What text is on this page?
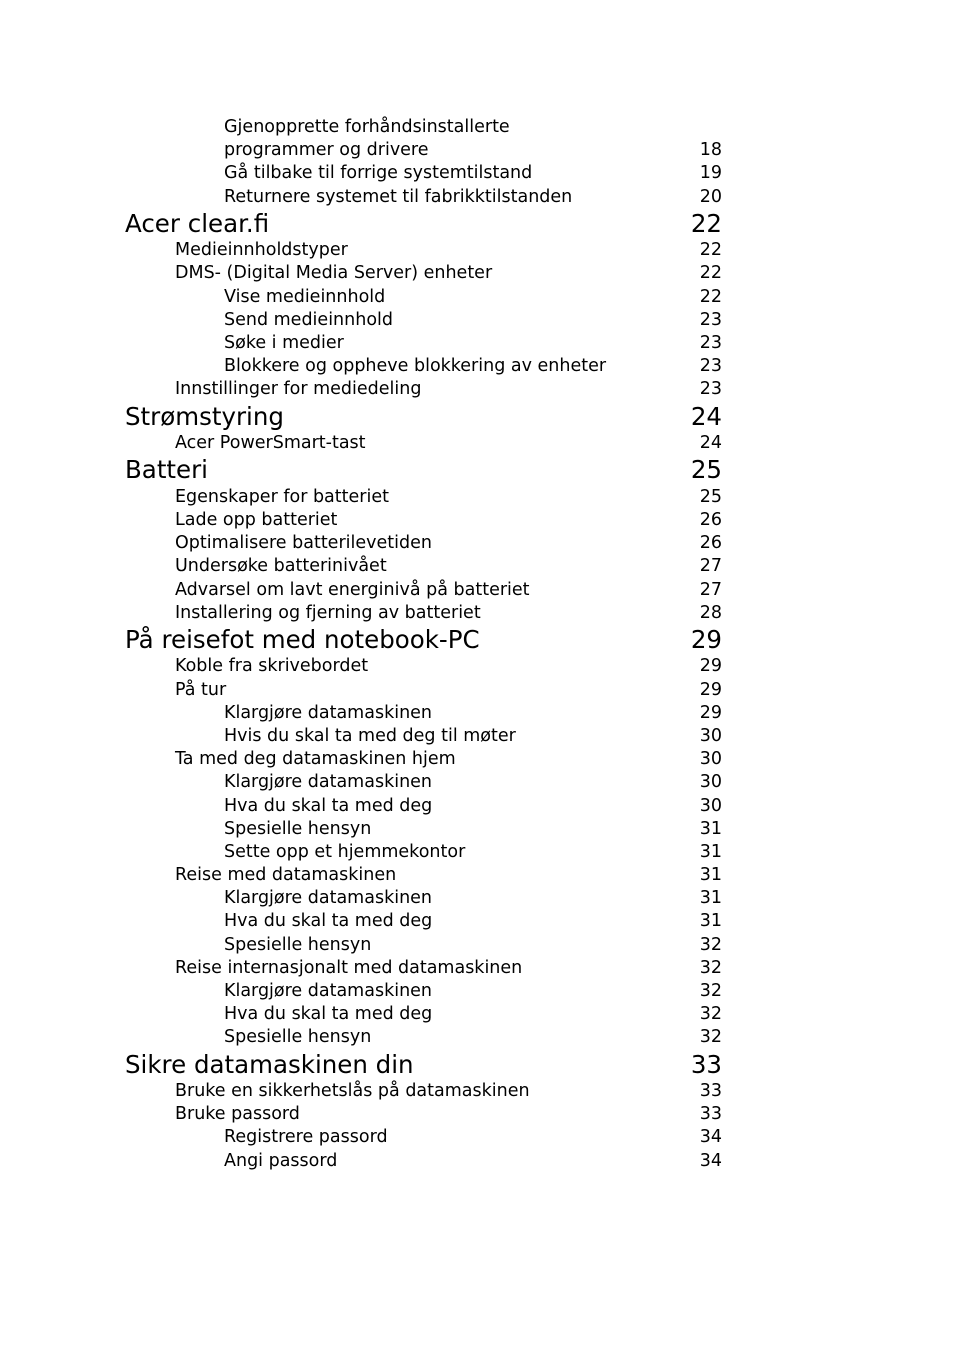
Gjenopprette forhåndsinstallerte
programmer og drivere	18
Gå tilbake til forrige systemtilstand	19
Returnere systemet til fabrikktilstanden	20
Acer clear.fi	22
Medieinnholdstyper	22
DMS- (Digital Media Server) enheter	22
Vise medieinnhold	22
Send medieinnhold	23
Søke i medier	23
Blokkere og oppheve blokkering av enheter	23
Innstillinger for mediedeling	23
Strømstyring	24
Acer PowerSmart-tast	24
Batteri	25
Egenskaper for batteriet	25
Lade opp batteriet	26
Optimalisere batterilevetiden	26
Undersøke batterinivået	27
Advarsel om lavt energinivå på batteriet	27
Installering og fjerning av batteriet	28
På reisefot med notebook-PC	29
Koble fra skrivebordet	29
På tur	29
Klargjøre datamaskinen	29
Hvis du skal ta med deg til møter	30
Ta med deg datamaskinen hjem	30
Klargjøre datamaskinen	30
Hva du skal ta med deg	30
Spesielle hensyn	31
Sette opp et hjemmekontor	31
Reise med datamaskinen	31
Klargjøre datamaskinen	31
Hva du skal ta med deg	31
Spesielle hensyn	32
Reise internasjonalt med datamaskinen	32
Klargjøre datamaskinen	32
Hva du skal ta med deg	32
Spesielle hensyn	32
Sikre datamaskinen din	33
Bruke en sikkerhetslås på datamaskinen	33
Bruke passord	33
Registrere passord	34
Angi passord	34
